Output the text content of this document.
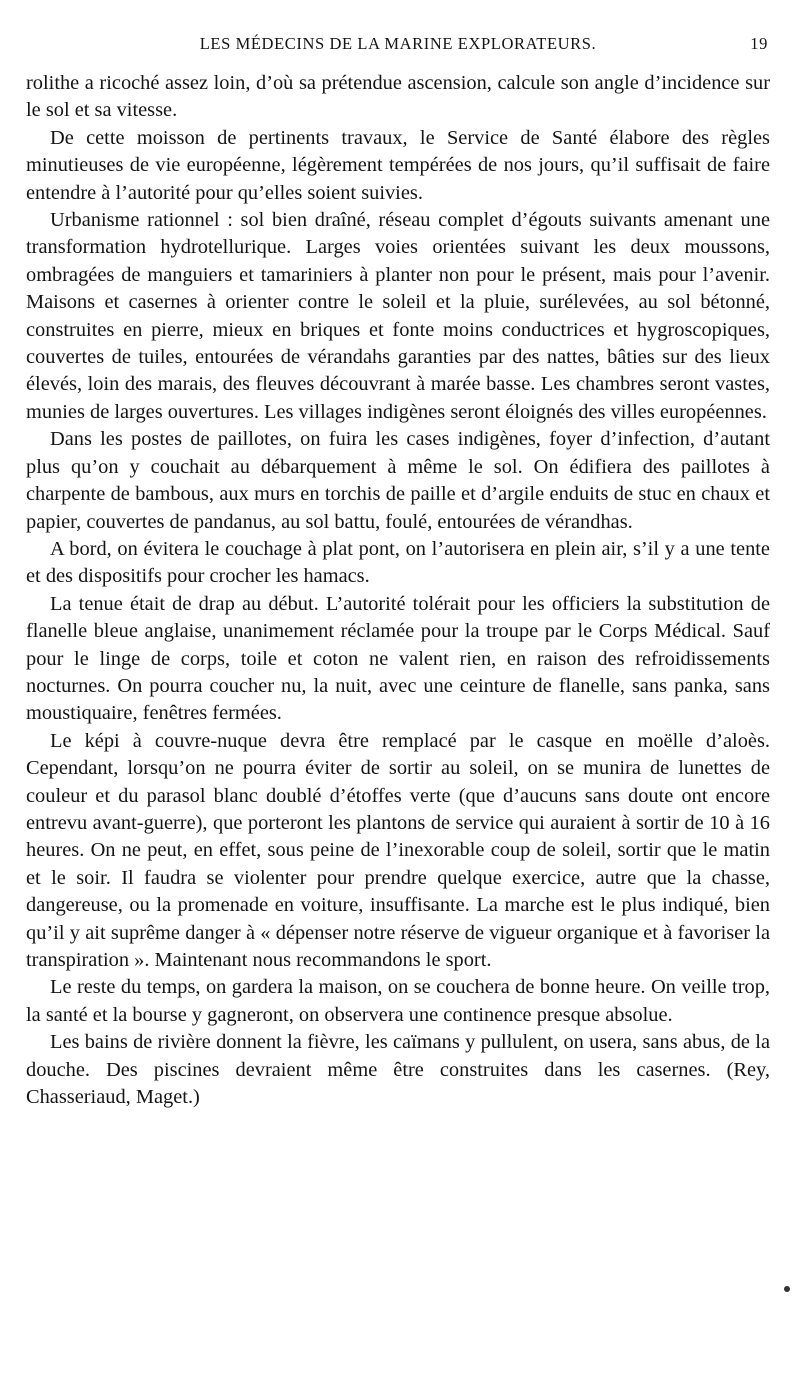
LES MÉDECINS DE LA MARINE EXPLORATEURS.	19

rolithe a ricoché assez loin, d’où sa prétendue ascension, calcule son angle d’incidence sur le sol et sa vitesse.

De cette moisson de pertinents travaux, le Service de Santé élabore des règles minutieuses de vie européenne, légèrement tempérées de nos jours, qu’il suffisait de faire entendre à l’autorité pour qu’elles soient suivies.

Urbanisme rationnel : sol bien draîné, réseau complet d’égouts suivants amenant une transformation hydrotellurique. Larges voies orientées suivant les deux moussons, ombragées de manguiers et tamariniers à planter non pour le présent, mais pour l’avenir. Maisons et casernes à orienter contre le soleil et la pluie, surélevées, au sol bétonné, construites en pierre, mieux en briques et fonte moins conductrices et hygroscopiques, couvertes de tuiles, entourées de vérandahs garanties par des nattes, bâties sur des lieux élevés, loin des marais, des fleuves découvrant à marée basse. Les chambres seront vastes, munies de larges ouvertures. Les villages indigènes seront éloignés des villes européennes.

Dans les postes de paillotes, on fuira les cases indigènes, foyer d’infection, d’autant plus qu’on y couchait au débarquement à même le sol. On édifiera des paillotes à charpente de bambous, aux murs en torchis de paille et d’argile enduits de stuc en chaux et papier, couvertes de pandanus, au sol battu, foulé, entourées de vérandhas.

A bord, on évitera le couchage à plat pont, on l’autorisera en plein air, s’il y a une tente et des dispositifs pour crocher les hamacs.

La tenue était de drap au début. L’autorité tolérait pour les officiers la substitution de flanelle bleue anglaise, unanimement réclamée pour la troupe par le Corps Médical. Sauf pour le linge de corps, toile et coton ne valent rien, en raison des refroidissements nocturnes. On pourra coucher nu, la nuit, avec une ceinture de flanelle, sans panka, sans moustiquaire, fenêtres fermées.

Le képi à couvre-nuque devra être remplacé par le casque en moëlle d’aloès. Cependant, lorsqu’on ne pourra éviter de sortir au soleil, on se munira de lunettes de couleur et du parasol blanc doublé d’étoffes verte (que d’aucuns sans doute ont encore entrevu avant-guerre), que porteront les plantons de service qui auraient à sortir de 10 à 16 heures. On ne peut, en effet, sous peine de l’inexorable coup de soleil, sortir que le matin et le soir. Il faudra se violenter pour prendre quelque exercice, autre que la chasse, dangereuse, ou la promenade en voiture, insuffisante. La marche est le plus indiqué, bien qu’il y ait suprême danger à « dépenser notre réserve de vigueur organique et à favoriser la transpiration ». Maintenant nous recommandons le sport.

Le reste du temps, on gardera la maison, on se couchera de bonne heure. On veille trop, la santé et la bourse y gagneront, on observera une continence presque absolue.

Les bains de rivière donnent la fièvre, les caïmans y pullulent, on usera, sans abus, de la douche. Des piscines devraient même être construites dans les casernes. (Rey, Chasseriaud, Maget.)
